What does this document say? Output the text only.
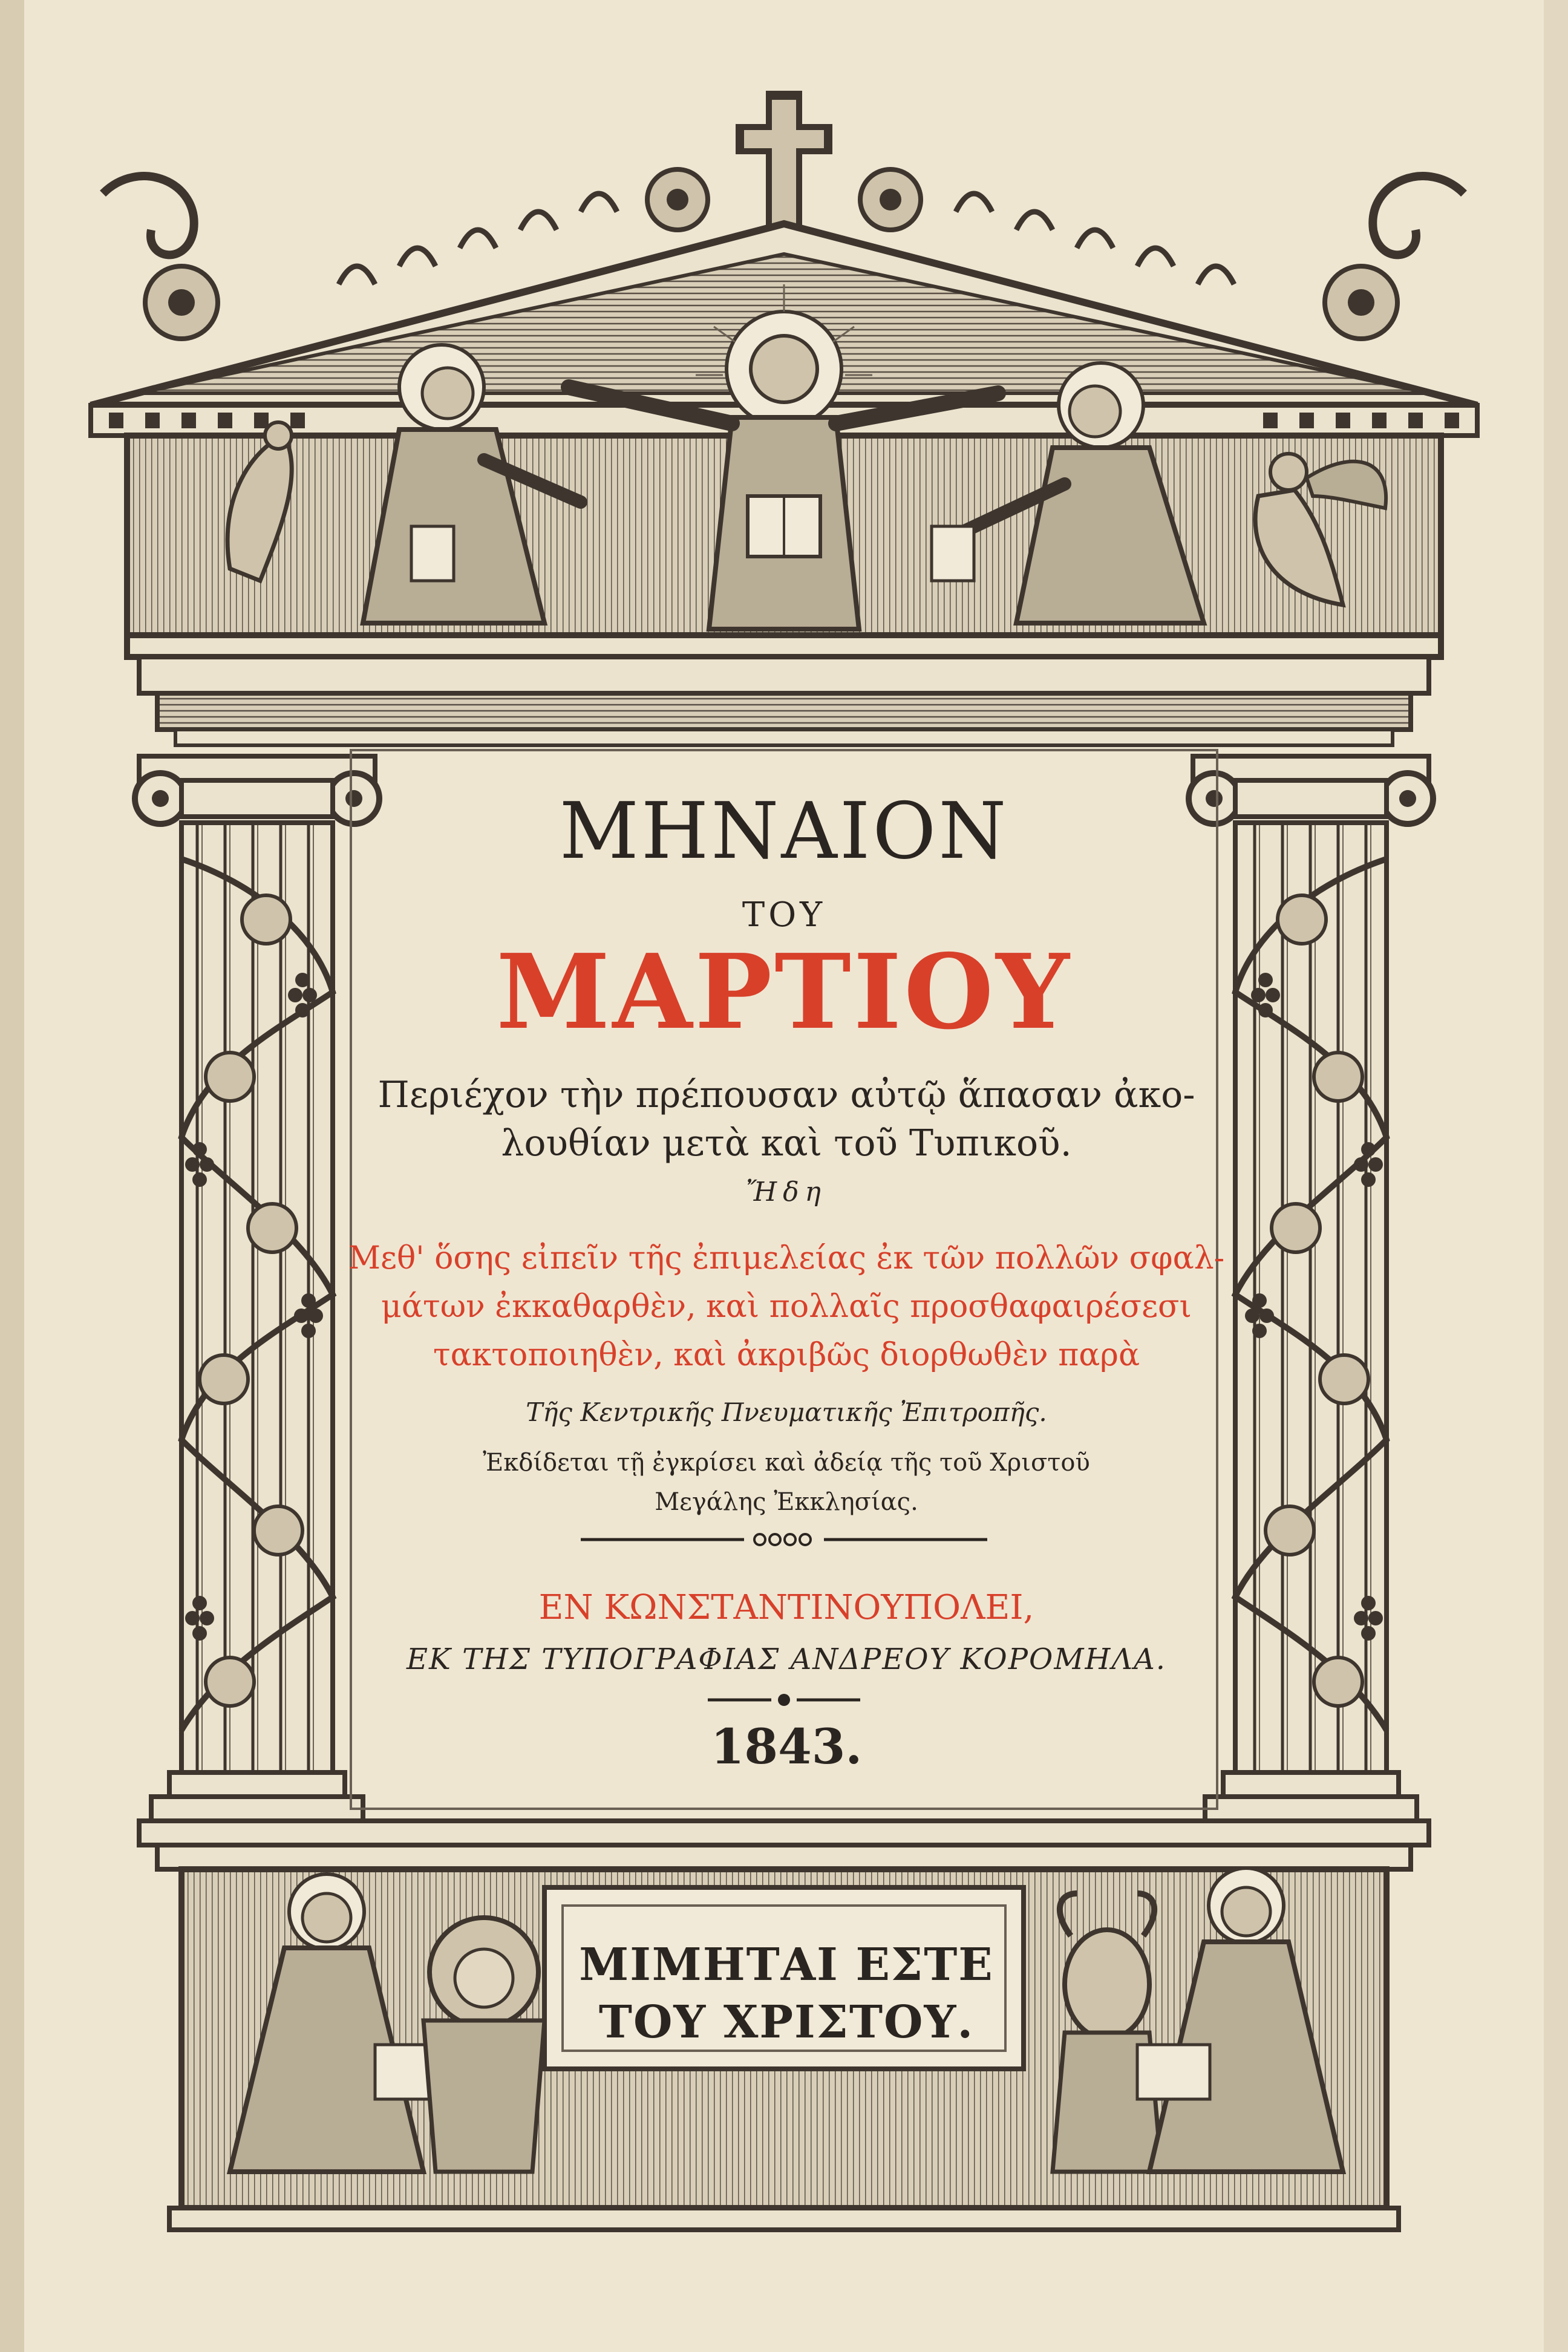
ΜΗΝΑΙΟΝ
ΤΟΥ
ΜΑΡΤΙΟΥ
Περιέχον τὴν πρέπουσαν αὐτῷ ἅπασαν ἀκο-
λουθίαν μετὰ καὶ τοῦ Τυπικοῦ.
Ἤδη
Μεθ' ὅσης εἰπεῖν τῆς ἐπιμελείας ἐκ τῶν πολλῶν σφαλ-
μάτων ἐκκαθαρθὲν, καὶ πολλαῖς προσθαφαιρέσεσι
τακτοποιηθὲν, καὶ ἀκριβῶς διορθωθὲν παρὰ
Τῆς Κεντρικῆς Πνευματικῆς Ἐπιτροπῆς.
Ἐκδίδεται τῇ ἐγκρίσει καὶ ἀδείᾳ τῆς τοῦ Χριστοῦ
Μεγάλης Ἐκκλησίας.
ΕΝ ΚΩΝΣΤΑΝΤΙΝΟΥΠΟΛΕΙ,
ΕΚ ΤΗΣ ΤΥΠΟΓΡΑΦΙΑΣ ΑΝΔΡΕΟΥ ΚΟΡΟΜΗΛΑ.
1843.
ΜΙΜΗΤΑΙ ΕΣΤΕ
ΤΟΥ ΧΡΙΣΤΟΥ.
